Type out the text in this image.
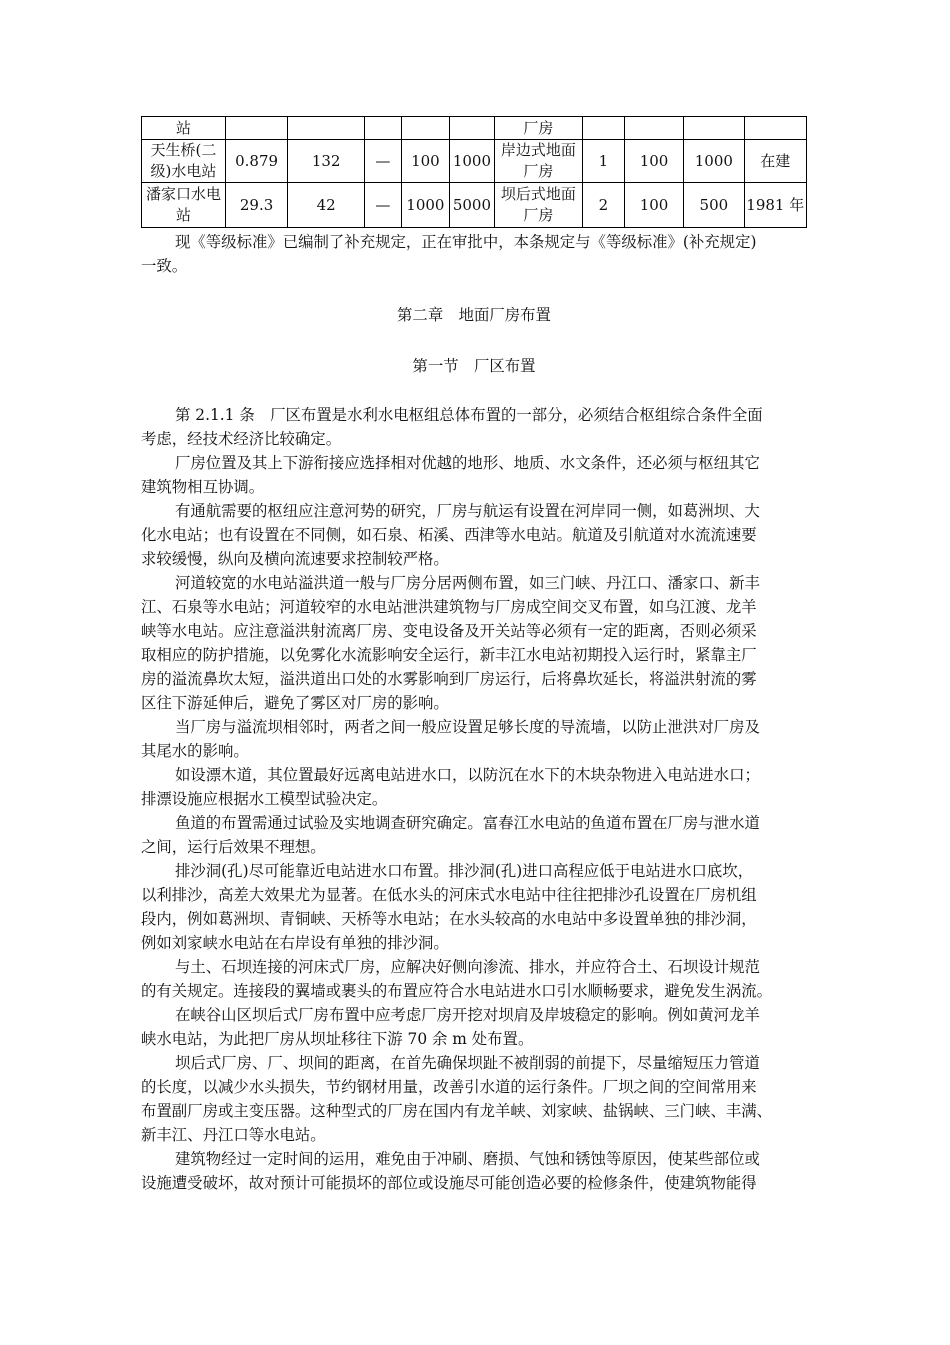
站						厂房				
天生桥(二级)水电站	0.879	132	—	100	1000	岸边式地面厂房	1	100	1000	在建
潘家口水电站	29.3	42	—	1000	5000	坝后式地面厂房	2	100	500	1981 年
现《等级标准》已编制了补充规定，正在审批中，本条规定与《等级标准》(补充规定)
一致。
第二章　地面厂房布置
第一节　厂区布置
第 2.1.1 条　厂区布置是水利水电枢组总体布置的一部分，必须结合枢组综合条件全面
考虑，经技术经济比较确定。
厂房位置及其上下游衔接应选择相对优越的地形、地质、水文条件，还必须与枢纽其它
建筑物相互协调。
有通航需要的枢纽应注意河势的研究，厂房与航运有设置在河岸同一侧，如葛洲坝、大
化水电站；也有设置在不同侧，如石泉、柘溪、西津等水电站。航道及引航道对水流流速要
求较缓慢，纵向及横向流速要求控制较严格。
河道较宽的水电站溢洪道一般与厂房分居两侧布置，如三门峡、丹江口、潘家口、新丰
江、石泉等水电站；河道较窄的水电站泄洪建筑物与厂房成空间交叉布置，如乌江渡、龙羊
峡等水电站。应注意溢洪射流离厂房、变电设备及开关站等必须有一定的距离，否则必须采
取相应的防护措施，以免雾化水流影响安全运行，新丰江水电站初期投入运行时，紧靠主厂
房的溢流鼻坎太短，溢洪道出口处的水雾影响到厂房运行，后将鼻坎延长，将溢洪射流的雾
区往下游延伸后，避免了雾区对厂房的影响。
当厂房与溢流坝相邻时，两者之间一般应设置足够长度的导流墙，以防止泄洪对厂房及
其尾水的影响。
如设漂木道，其位置最好远离电站进水口，以防沉在水下的木块杂物进入电站进水口；
排漂设施应根据水工模型试验决定。
鱼道的布置需通过试验及实地调查研究确定。富春江水电站的鱼道布置在厂房与泄水道
之间，运行后效果不理想。
排沙洞(孔)尽可能靠近电站进水口布置。排沙洞(孔)进口高程应低于电站进水口底坎，
以利排沙，高差大效果尤为显著。在低水头的河床式水电站中往往把排沙孔设置在厂房机组
段内，例如葛洲坝、青铜峡、天桥等水电站；在水头较高的水电站中多设置单独的排沙洞，
例如刘家峡水电站在右岸设有单独的排沙洞。
与土、石坝连接的河床式厂房，应解决好侧向渗流、排水，并应符合土、石坝设计规范
的有关规定。连接段的翼墙或裹头的布置应符合水电站进水口引水顺畅要求，避免发生涡流。
在峡谷山区坝后式厂房布置中应考虑厂房开挖对坝肩及岸坡稳定的影响。例如黄河龙羊
峡水电站，为此把厂房从坝址移往下游 70 余 m 处布置。
坝后式厂房、厂、坝间的距离，在首先确保坝趾不被削弱的前提下，尽量缩短压力管道
的长度，以减少水头损失，节约钢材用量，改善引水道的运行条件。厂坝之间的空间常用来
布置副厂房或主变压器。这种型式的厂房在国内有龙羊峡、刘家峡、盐锅峡、三门峡、丰满、
新丰江、丹江口等水电站。
建筑物经过一定时间的运用，难免由于冲刷、磨损、气蚀和锈蚀等原因，使某些部位或
设施遭受破坏，故对预计可能损坏的部位或设施尽可能创造必要的检修条件，使建筑物能得
